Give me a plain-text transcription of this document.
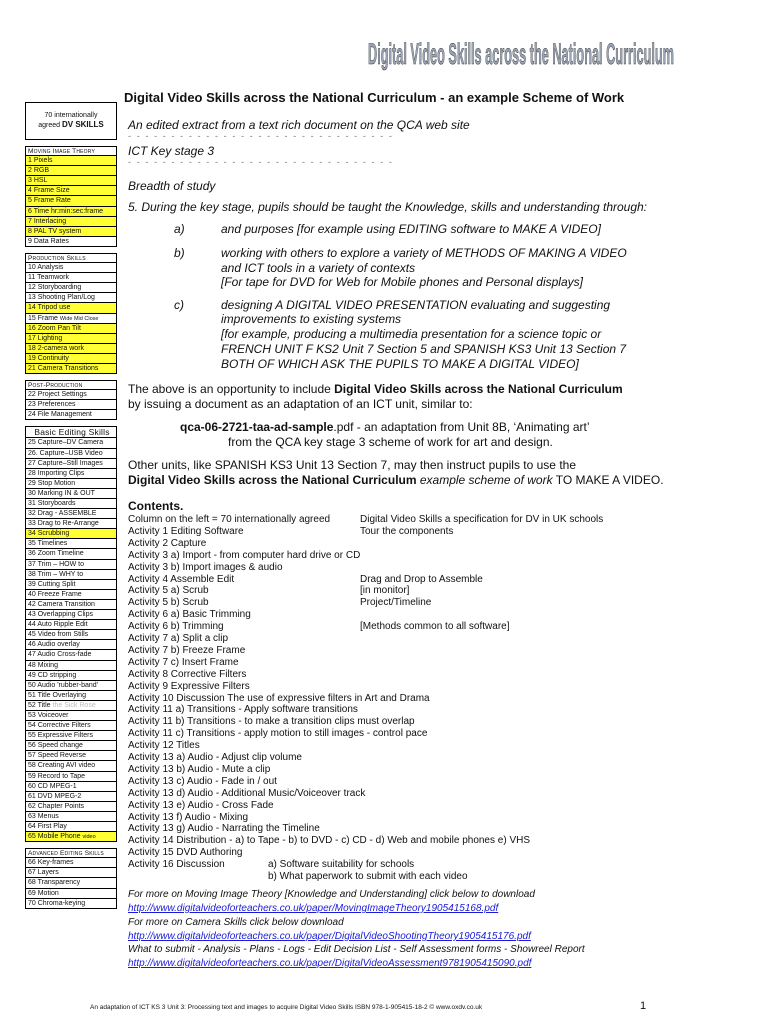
Digital Video Skills across the National Curriculum
Digital Video Skills across the National Curriculum - an example Scheme of Work
70 internationally
agreed DV SKILLS
Moving Image Theory
1 Pixels
2 RGB
3 HSL
4 Frame Size
5 Frame Rate
6 Time hr:min:sec:frame
7 Interlacing
8 PAL TV system
9 Data Rates
Production Skills
10 Analysis
11 Teamwork
12 Storyboarding
13 Shooting Plan/Log
14 Tripod use
15 Frame Wide Mid Close
16 Zoom Pan Tilt
17 Lighting
18 2-camera work
19 Continuity
21 Camera Transitions
Post-Production
22 Project Settings
23 Preferences
24 File Management
Basic Editing Skills
25 Capture–DV Camera
26. Capture–USB Video
27 Capture–Still Images
28 Importing Clips
29 Stop Motion
30 Marking IN & OUT
31 Storyboards
32 Drag - ASSEMBLE
33 Drag to Re-Arrange
34 Scrubbing
35 Timelines
36 Zoom Timeline
37 Trim – HOW to
38 Trim – WHY to
39 Cutting Split
40 Freeze Frame
42 Camera Transition
43 Overlapping Clips
44 Auto Ripple Edit
45 Video from Stills
46 Audio overlay
47 Audio Cross-fade
48 Mixing
49 CD stripping
50 Audio 'rubber-band'
51 Title Overlaying
52 Title the Sick Rose
53 Voiceover
54 Corrective Filters
55 Expressive Filters
56 Speed change
57 Speed Reverse
58 Creating AVI video
59 Record to Tape
60 CD MPEG-1
61 DVD MPEG-2
62 Chapter Points
63 Menus
64 First Play
65 Mobile Phone video
Advanced Editing Skills
66 Key-frames
67 Layers
68 Transparency
69 Motion
70 Chroma-keying
An edited extract from a text rich document on the QCA web site
- - - - - - - - - - - - - - - - - - - - - - - - - - - - - - -
ICT Key stage 3
- - - - - - - - - - - - - - - - - - - - - - - - - - - - - - -
Breadth of study
5. During the key stage, pupils should be taught the Knowledge, skills and understanding through:
a)	and purposes [for example using EDITING software to MAKE A VIDEO]
b)	working with others to explore a variety of METHODS OF MAKING A VIDEO
and ICT tools in a variety of contexts
[For tape for DVD for Web for Mobile phones and Personal displays]
c)	designing A DIGITAL VIDEO PRESENTATION evaluating and suggesting
improvements to existing systems
[for example, producing a multimedia presentation for a science topic or
FRENCH UNIT F KS2 Unit 7 Section 5 and SPANISH KS3 Unit 13 Section 7
BOTH OF WHICH ASK THE PUPILS TO MAKE A DIGITAL VIDEO]
The above is an opportunity to include Digital Video Skills across the National Curriculum
by issuing a document as an adaptation of an ICT unit, similar to:
qca-06-2721-taa-ad-sample.pdf - an adaptation from Unit 8B, ‘Animating art’
from the QCA key stage 3 scheme of work for art and design.
Other units, like SPANISH KS3 Unit 13 Section 7, may then instruct pupils to use the
Digital Video Skills across the National Curriculum example scheme of work TO MAKE A VIDEO.
Contents.
Column on the left = 70 internationally agreed	Digital Video Skills a specification for DV in UK schools
Activity 1 Editing Software	Tour the components
Activity 2 Capture
Activity 3 a) Import - from computer hard drive or CD
Activity 3 b) Import images & audio
Activity 4 Assemble Edit	Drag and Drop to Assemble
Activity 5 a) Scrub	[in monitor]
Activity 5 b) Scrub	Project/Timeline
Activity 6 a) Basic Trimming
Activity 6 b) Trimming	[Methods common to all software]
Activity 7 a) Split a clip
Activity 7 b) Freeze Frame
Activity 7 c) Insert Frame
Activity 8 Corrective Filters
Activity 9 Expressive Filters
Activity 10 Discussion The use of expressive filters in Art and Drama
Activity 11 a) Transitions - Apply software transitions
Activity 11 b) Transitions - to make a transition clips must overlap
Activity 11 c) Transitions - apply motion to still images - control pace
Activity 12 Titles
Activity 13 a) Audio - Adjust clip volume
Activity 13 b) Audio - Mute a clip
Activity 13 c) Audio - Fade in / out
Activity 13 d) Audio - Additional Music/Voiceover track
Activity 13 e) Audio - Cross Fade
Activity 13 f) Audio - Mixing
Activity 13 g) Audio - Narrating the Timeline
Activity 14 Distribution - a) to Tape - b) to DVD - c) CD - d) Web and mobile phones e) VHS
Activity 15 DVD Authoring
Activity 16 Discussion	a) Software suitability for schools
b) What paperwork to submit with each video
For more on Moving Image Theory [Knowledge and Understanding] click below to download
http://www.digitalvideoforteachers.co.uk/paper/MovingImageTheory1905415168.pdf
For more on Camera Skills click below download
http://www.digitalvideoforteachers.co.uk/paper/DigitalVideoShootingTheory1905415176.pdf
What to submit - Analysis - Plans - Logs - Edit Decision List - Self Assessment forms - Showreel Report
http://www.digitalvideoforteachers.co.uk/paper/DigitalVideoAssessment9781905415090.pdf
An adaptation of ICT KS 3 Unit 3: Processing text and images to acquire Digital Video Skills ISBN 978-1-905415-18-2 © www.oxdv.co.uk	1
